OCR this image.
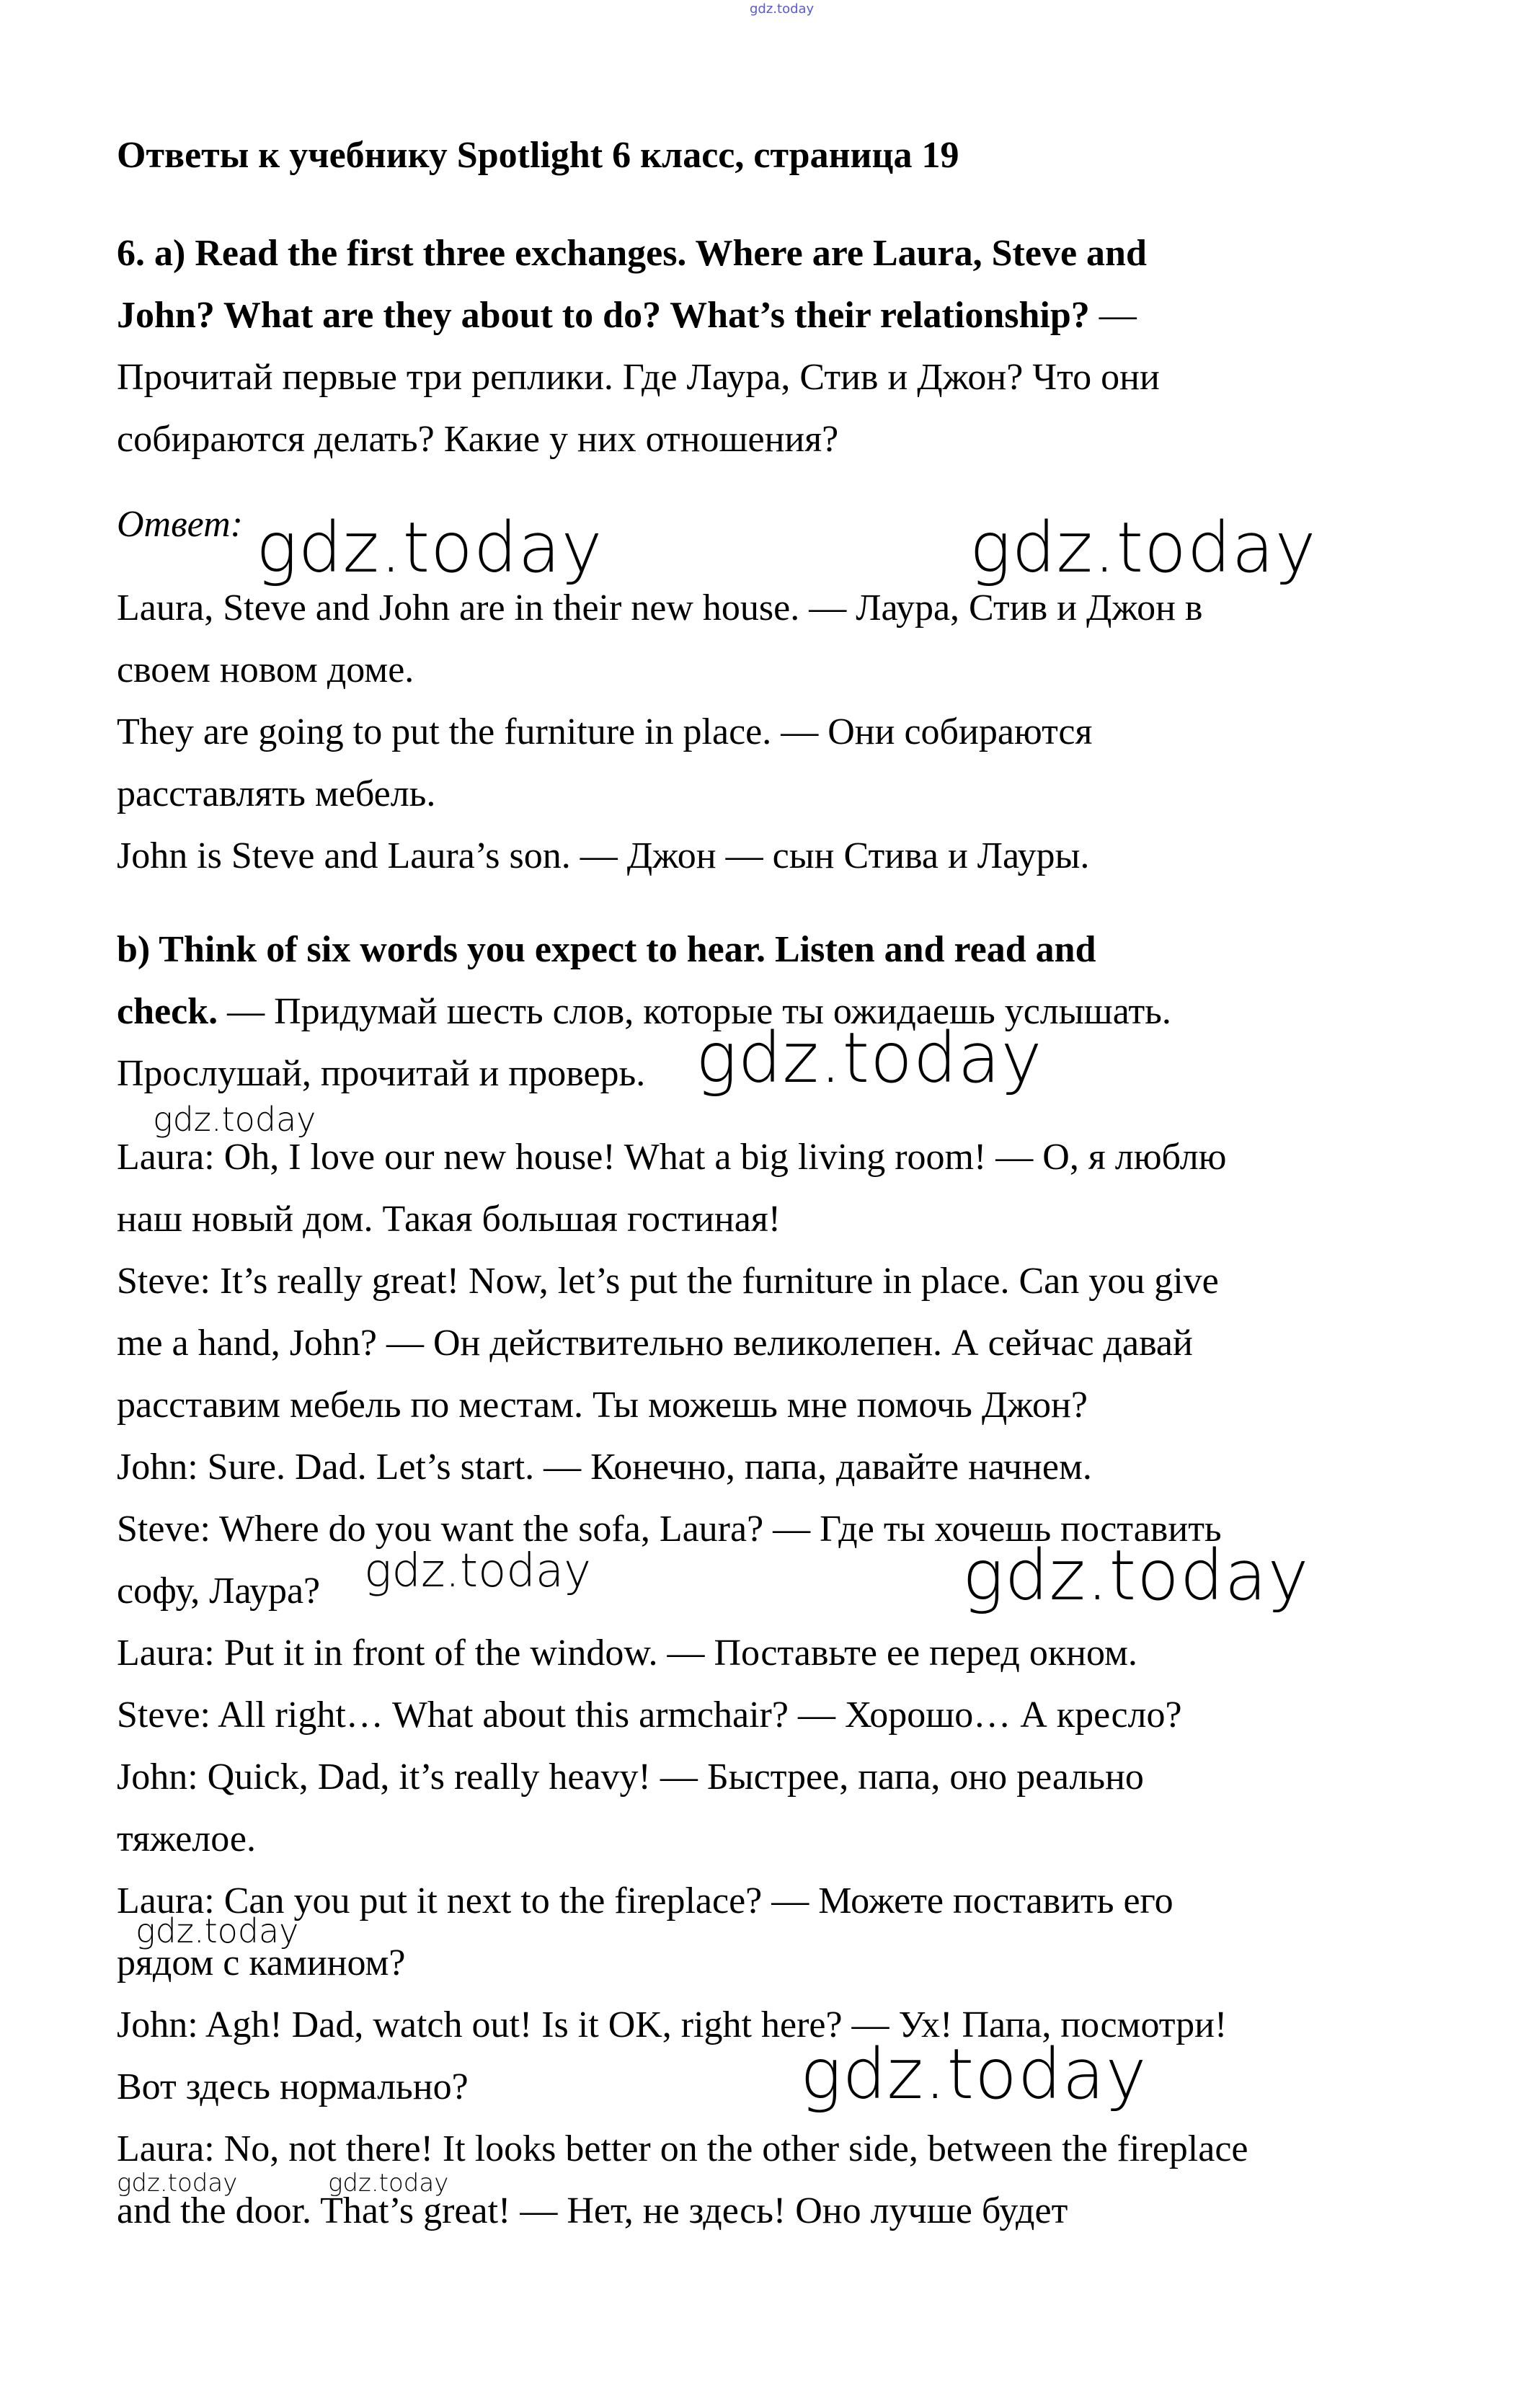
gdz.today
Ответы к учебнику Spotlight 6 класс, страница 19
6. a) Read the first three exchanges. Where are Laura, Steve and
John? What are they about to do? What’s their relationship? —
Прочитай первые три реплики. Где Лаура, Стив и Джон? Что они
собираются делать? Какие у них отношения?
Ответ:
Laura, Steve and John are in their new house. — Лаура, Стив и Джон в
своем новом доме.
They are going to put the furniture in place. — Они собираются
расставлять мебель.
John is Steve and Laura’s son. — Джон — сын Стива и Лауры.
b) Think of six words you expect to hear. Listen and read and
check. — Придумай шесть слов, которые ты ожидаешь услышать.
Прослушай, прочитай и проверь.
Laura: Oh, I love our new house! What a big living room! — О, я люблю
наш новый дом. Такая большая гостиная!
Steve: It’s really great! Now, let’s put the furniture in place. Can you give
me a hand, John? — Он действительно великолепен. А сейчас давай
расставим мебель по местам. Ты можешь мне помочь Джон?
John: Sure. Dad. Let’s start. — Конечно, папа, давайте начнем.
Steve: Where do you want the sofa, Laura? — Где ты хочешь поставить
софу, Лаура?
Laura: Put it in front of the window. — Поставьте ее перед окном.
Steve: All right… What about this armchair? — Хорошо… А кресло?
John: Quick, Dad, it’s really heavy! — Быстрее, папа, оно реально
тяжелое.
Laura: Can you put it next to the fireplace? — Можете поставить его
рядом с камином?
John: Agh! Dad, watch out! Is it OK, right here? — Ух! Папа, посмотри!
Вот здесь нормально?
Laura: No, not there! It looks better on the other side, between the fireplace
and the door. That’s great! — Нет, не здесь! Оно лучше будет
gdz.today	gdz.today
gdz.today
gdz.today
gdz.today	gdz.today
gdz.today
gdz.today
gdz.today	gdz.today
